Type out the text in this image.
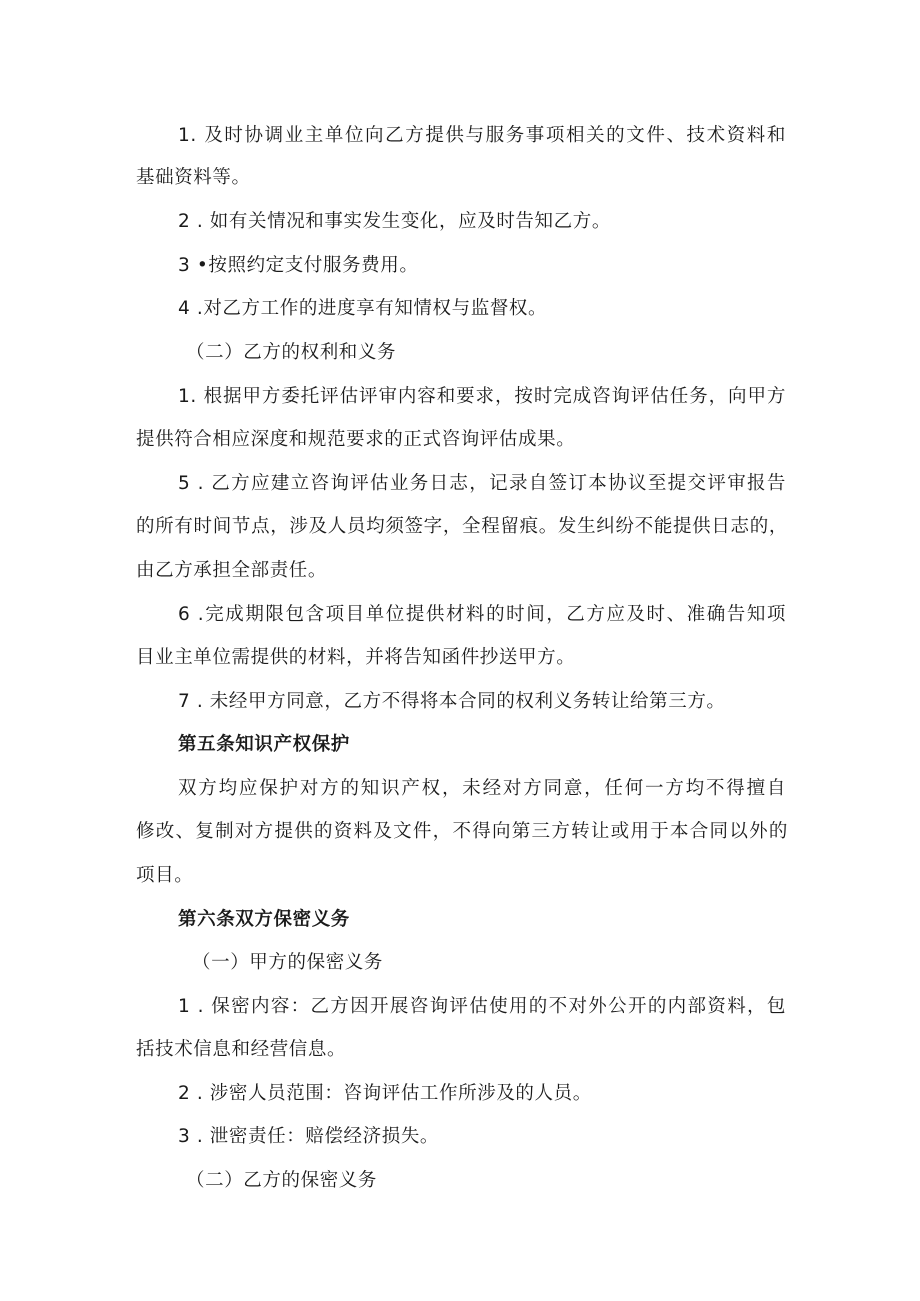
1. 及时协调业主单位向乙方提供与服务事项相关的文件、技术资料和
基础资料等。
2 . 如有关情况和事实发生变化，应及时告知乙方。
3 •按照约定支付服务费用。
4 .对乙方工作的进度享有知情权与监督权。
（二）乙方的权利和义务
1. 根据甲方委托评估评审内容和要求，按时完成咨询评估任务，向甲方
提供符合相应深度和规范要求的正式咨询评估成果。
5 . 乙方应建立咨询评估业务日志，记录自签订本协议至提交评审报告
的所有时间节点，涉及人员均须签字，全程留痕。发生纠纷不能提供日志的，
由乙方承担全部责任。
6 .完成期限包含项目单位提供材料的时间，乙方应及时、准确告知项
目业主单位需提供的材料，并将告知函件抄送甲方。
7 . 未经甲方同意，乙方不得将本合同的权利义务转让给第三方。
第五条知识产权保护
双方均应保护对方的知识产权，未经对方同意，任何一方均不得擅自
修改、复制对方提供的资料及文件，不得向第三方转让或用于本合同以外的
项目。
第六条双方保密义务
（一）甲方的保密义务
1 . 保密内容：乙方因开展咨询评估使用的不对外公开的内部资料，包
括技术信息和经营信息。
2 . 涉密人员范围：咨询评估工作所涉及的人员。
3 . 泄密责任：赔偿经济损失。
（二）乙方的保密义务
